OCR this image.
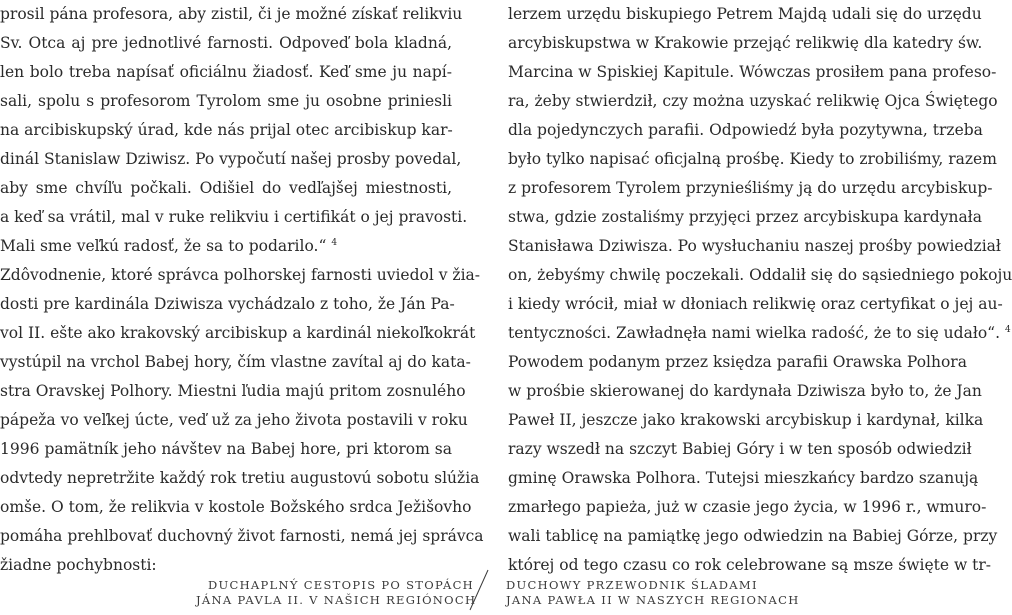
prosil pána profesora, aby zistil, či je možné získať relikviu
Sv. Otca aj pre jednotlivé farnosti. Odpoveď bola kladná,
len bolo treba napísať oficiálnu žiadosť. Keď sme ju napí-
sali, spolu s profesorom Tyrolom sme ju osobne priniesli
na arcibiskupský úrad, kde nás prijal otec arcibiskup kar-
dinál Stanislaw Dziwisz. Po vypočutí našej prosby povedal,
aby sme chvíľu počkali. Odišiel do vedľajšej miestnosti,
a keď sa vrátil, mal v ruke relikviu i certifikát o jej pravosti.
Mali sme veľkú radosť, že sa to podarilo.“ $^4$
Zdôvodnenie, ktoré správca polhorskej farnosti uviedol v žia-
dosti pre kardinála Dziwisza vychádzalo z toho, že Ján Pa-
vol II. ešte ako krakovský arcibiskup a kardinál niekoľkokrát
vystúpil na vrchol Babej hory, čím vlastne zavítal aj do kata-
stra Oravskej Polhory. Miestni ľudia majú pritom zosnulého
pápeža vo veľkej úcte, veď už za jeho života postavili v roku
1996 pamätník jeho návštev na Babej hore, pri ktorom sa
odvtedy nepretržite každý rok tretiu augustovú sobotu slúžia
omše. O tom, že relikvia v kostole Božského srdca Ježišovho
pomáha prehlbovať duchovný život farnosti, nemá jej správca
žiadne pochybnosti:
lerzem urzędu biskupiego Petrem Majdą udali się do urzędu
arcybiskupstwa w Krakowie przejąć relikwię dla katedry św.
Marcina w Spiskiej Kapitule. Wówczas prosiłem pana profeso-
ra, żeby stwierdził, czy można uzyskać relikwię Ojca Świętego
dla pojedynczych parafii. Odpowiedź była pozytywna, trzeba
było tylko napisać oficjalną prośbę. Kiedy to zrobiliśmy, razem
z profesorem Tyrolem przynieśliśmy ją do urzędu arcybiskup-
stwa, gdzie zostaliśmy przyjęci przez arcybiskupa kardynała
Stanisława Dziwisza. Po wysłuchaniu naszej prośby powiedział
on, żebyśmy chwilę poczekali. Oddalił się do sąsiedniego pokoju
i kiedy wrócił, miał w dłoniach relikwię oraz certyfikat o jej au-
tentyczności. Zawładnęła nami wielka radość, że to się udało“. $^4$
Powodem podanym przez księdza parafii Orawska Polhora
w prośbie skierowanej do kardynała Dziwisza było to, że Jan
Paweł II, jeszcze jako krakowski arcybiskup i kardynał, kilka
razy wszedł na szczyt Babiej Góry i w ten sposób odwiedził
gminę Orawska Polhora. Tutejsi mieszkańcy bardzo szanują
zmarłego papieża, już w czasie jego życia, w 1996 r., wmuro-
wali tablicę na pamiątkę jego odwiedzin na Babiej Górze, przy
której od tego czasu co rok celebrowane są msze święte w tr-
DUCHAPLNÝ CESTOPIS PO STOPÁCH
JÁNA PAVLA II. V NAŠICH REGIÓNOCH
DUCHOWY PRZEWODNIK ŚLADAMI
JANA PAWŁA II W NASZYCH REGIONACH
